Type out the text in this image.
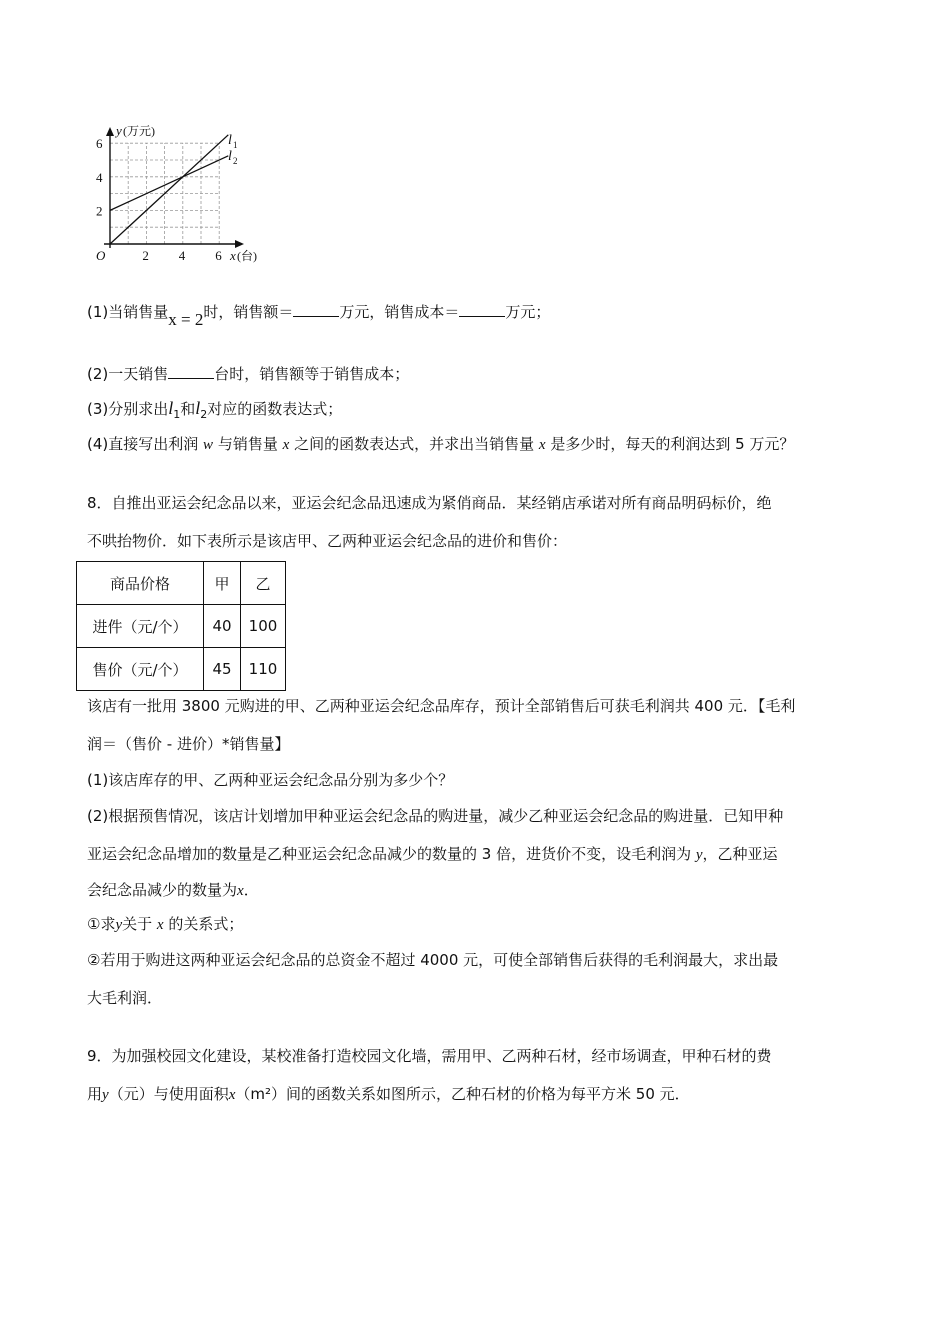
2 4 6
2
4
6
O
y (万元)
x (台)
l 1
l 2
(1)当销售量x = 2时，销售额＝	万元，销售成本＝	万元；
(2)一天销售	台时，销售额等于销售成本；
(3)分别求出$l_1$和$l_2$对应的函数表达式；
(4)直接写出利润 w 与销售量 x 之间的函数表达式，并求出当销售量 x 是多少时，每天的利润达到 5 万元？
8．自推出亚运会纪念品以来，亚运会纪念品迅速成为紧俏商品．某经销店承诺对所有商品明码标价，绝
不哄抬物价．如下表所示是该店甲、乙两种亚运会纪念品的进价和售价：
商品价格	甲	乙
进件（元/个）	40	100
售价（元/个）	45	110
该店有一批用 3800 元购进的甲、乙两种亚运会纪念品库存，预计全部销售后可获毛利润共 400 元．【毛利
润＝（售价 - 进价）*销售量】
(1)该店库存的甲、乙两种亚运会纪念品分别为多少个？
(2)根据预售情况，该店计划增加甲种亚运会纪念品的购进量，减少乙种亚运会纪念品的购进量．已知甲种
亚运会纪念品增加的数量是乙种亚运会纪念品减少的数量的 3 倍，进货价不变，设毛利润为 y，乙种亚运
会纪念品减少的数量为x．
①求y关于 x 的关系式；
②若用于购进这两种亚运会纪念品的总资金不超过 4000 元，可使全部销售后获得的毛利润最大，求出最
大毛利润．
9．为加强校园文化建设，某校准备打造校园文化墙，需用甲、乙两种石材，经市场调查，甲种石材的费
用y（元）与使用面积x（m²）间的函数关系如图所示，乙种石材的价格为每平方米 50 元．
